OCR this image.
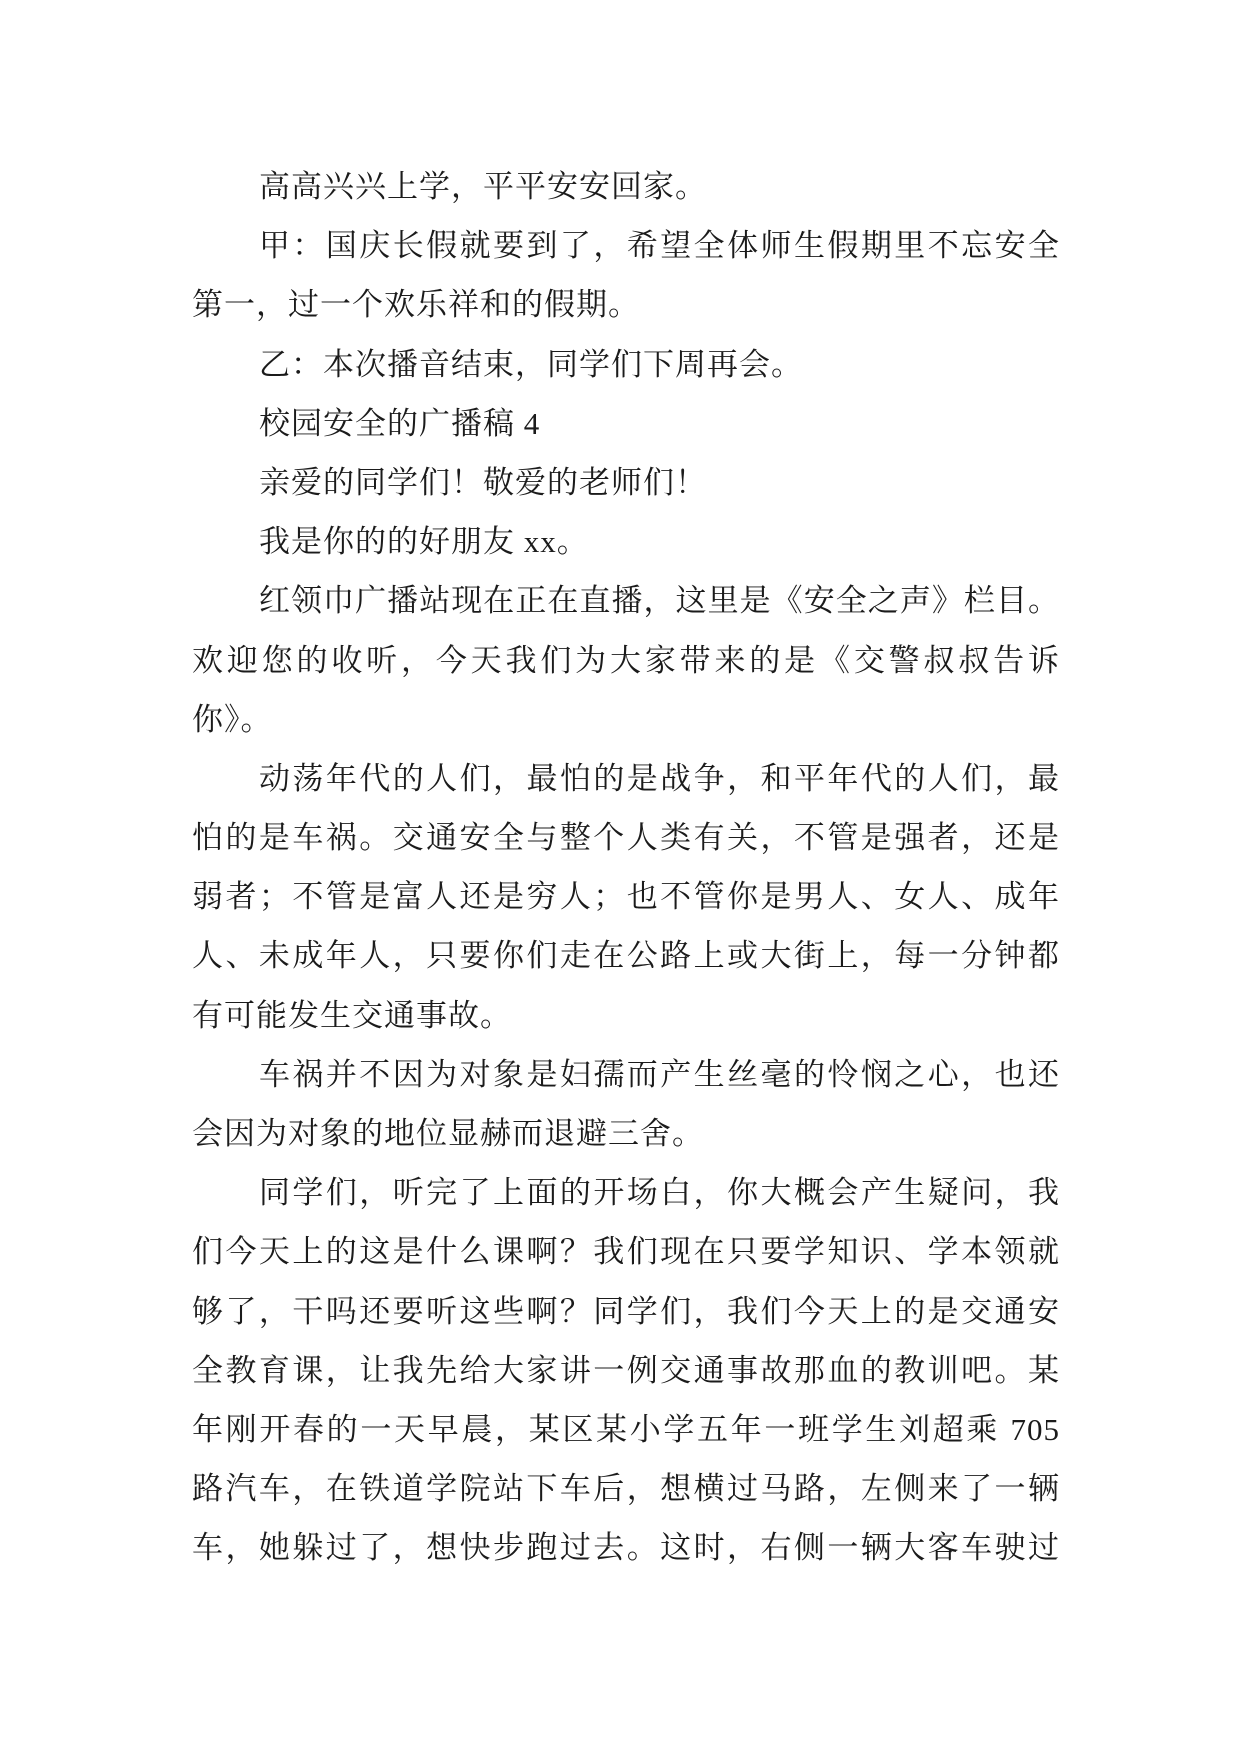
高高兴兴上学，平平安安回家。
甲：国庆长假就要到了，希望全体师生假期里不忘安全
第一，过一个欢乐祥和的假期。
乙：本次播音结束，同学们下周再会。
校园安全的广播稿 4
亲爱的同学们！敬爱的老师们！
我是你的的好朋友 xx。
红领巾广播站现在正在直播，这里是《安全之声》栏目。
欢迎您的收听，今天我们为大家带来的是《交警叔叔告诉
你》。
动荡年代的人们，最怕的是战争，和平年代的人们，最
怕的是车祸。交通安全与整个人类有关，不管是强者，还是
弱者；不管是富人还是穷人；也不管你是男人、女人、成年
人、未成年人，只要你们走在公路上或大街上，每一分钟都
有可能发生交通事故。
车祸并不因为对象是妇孺而产生丝毫的怜悯之心，也还
会因为对象的地位显赫而退避三舍。
同学们，听完了上面的开场白，你大概会产生疑问，我
们今天上的这是什么课啊？我们现在只要学知识、学本领就
够了，干吗还要听这些啊？同学们，我们今天上的是交通安
全教育课，让我先给大家讲一例交通事故那血的教训吧。某
年刚开春的一天早晨，某区某小学五年一班学生刘超乘 705
路汽车，在铁道学院站下车后，想横过马路，左侧来了一辆
车，她躲过了，想快步跑过去。这时，右侧一辆大客车驶过
